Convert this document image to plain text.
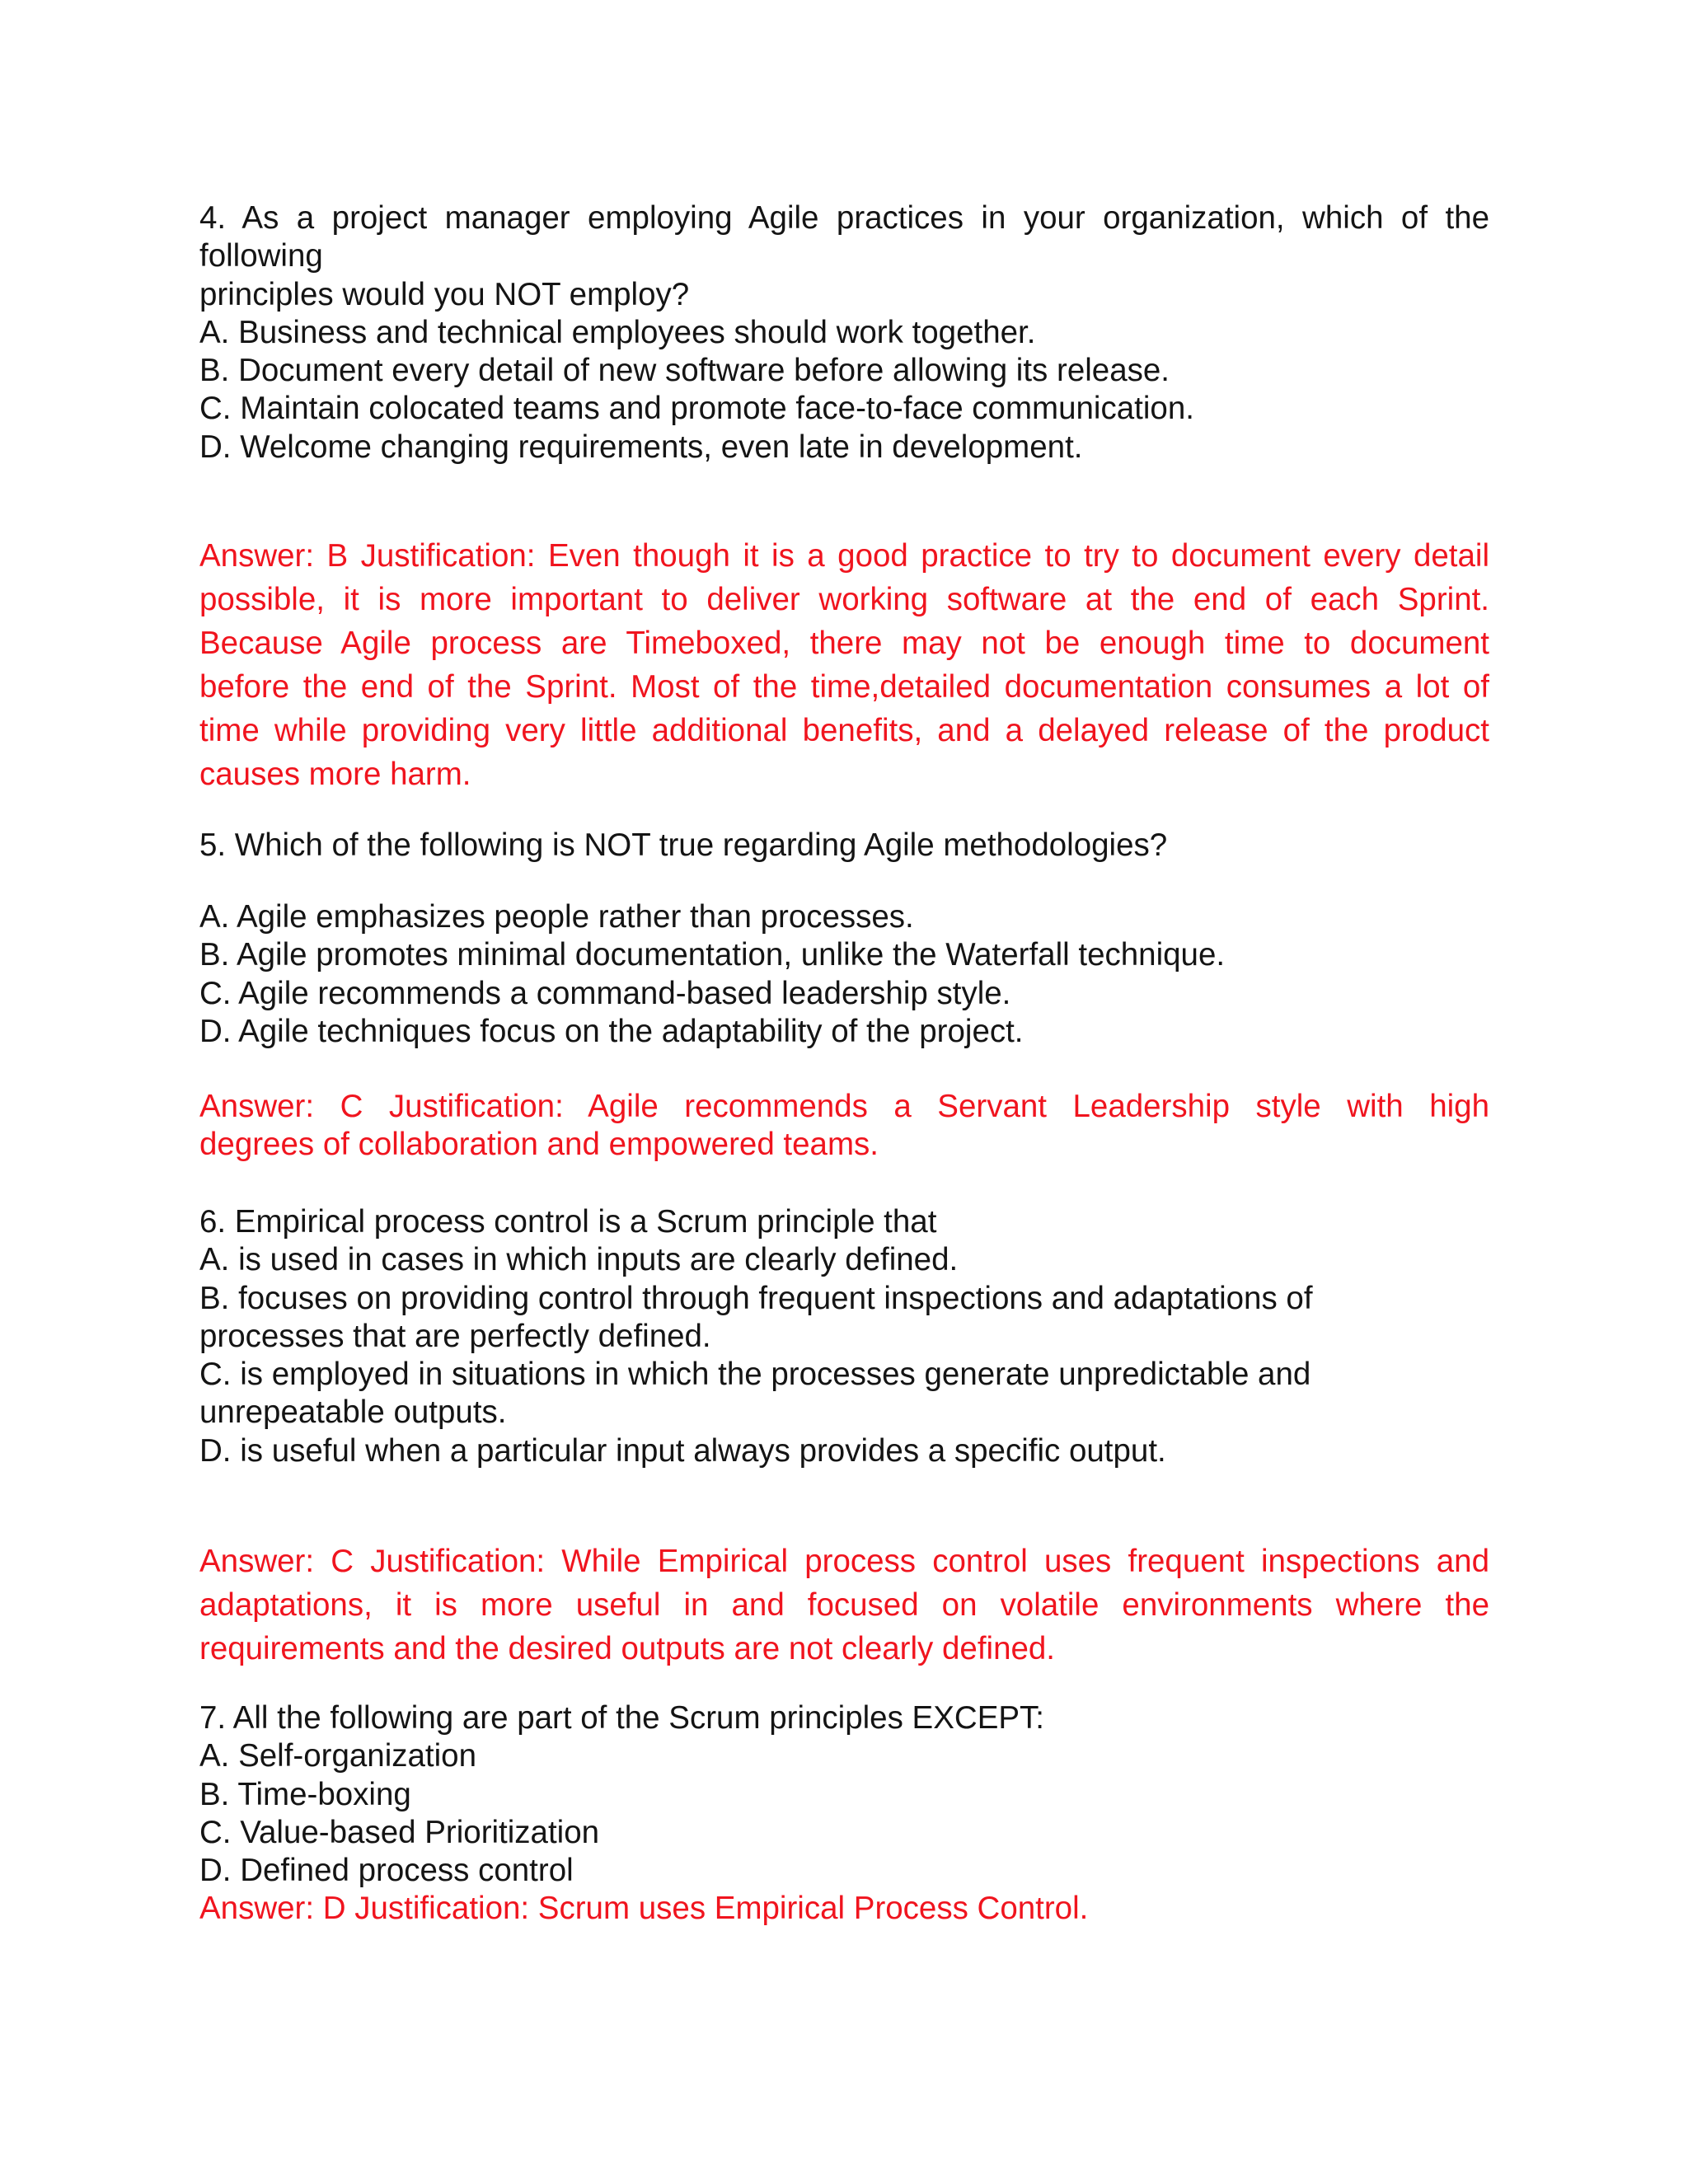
4. As a project manager employing Agile practices in your organization, which of the
following
principles would you NOT employ?
A. Business and technical employees should work together.
B. Document every detail of new software before allowing its release.
C. Maintain colocated teams and promote face-to-face communication.
D. Welcome changing requirements, even late in development.
Answer: B Justification: Even though it is a good practice to try to document every detail
possible, it is more important to deliver working software at the end of each Sprint.
Because Agile process are Timeboxed, there may not be enough time to document
before the end of the Sprint. Most of the time,detailed documentation consumes a lot of
time while providing very little additional benefits, and a delayed release of the product
causes more harm.
5. Which of the following is NOT true regarding Agile methodologies?
A. Agile emphasizes people rather than processes.
B. Agile promotes minimal documentation, unlike the Waterfall technique.
C. Agile recommends a command-based leadership style.
D. Agile techniques focus on the adaptability of the project.
Answer: C Justification: Agile recommends a Servant Leadership style with high
degrees of collaboration and empowered teams.
6. Empirical process control is a Scrum principle that
A. is used in cases in which inputs are clearly defined.
B. focuses on providing control through frequent inspections and adaptations of
processes that are perfectly defined.
C. is employed in situations in which the processes generate unpredictable and
unrepeatable outputs.
D. is useful when a particular input always provides a specific output.
Answer: C Justification: While Empirical process control uses frequent inspections and
adaptations, it is more useful in and focused on volatile environments where the
requirements and the desired outputs are not clearly defined.
7. All the following are part of the Scrum principles EXCEPT:
A. Self-organization
B. Time-boxing
C. Value-based Prioritization
D. Defined process control
Answer: D Justification: Scrum uses Empirical Process Control.
